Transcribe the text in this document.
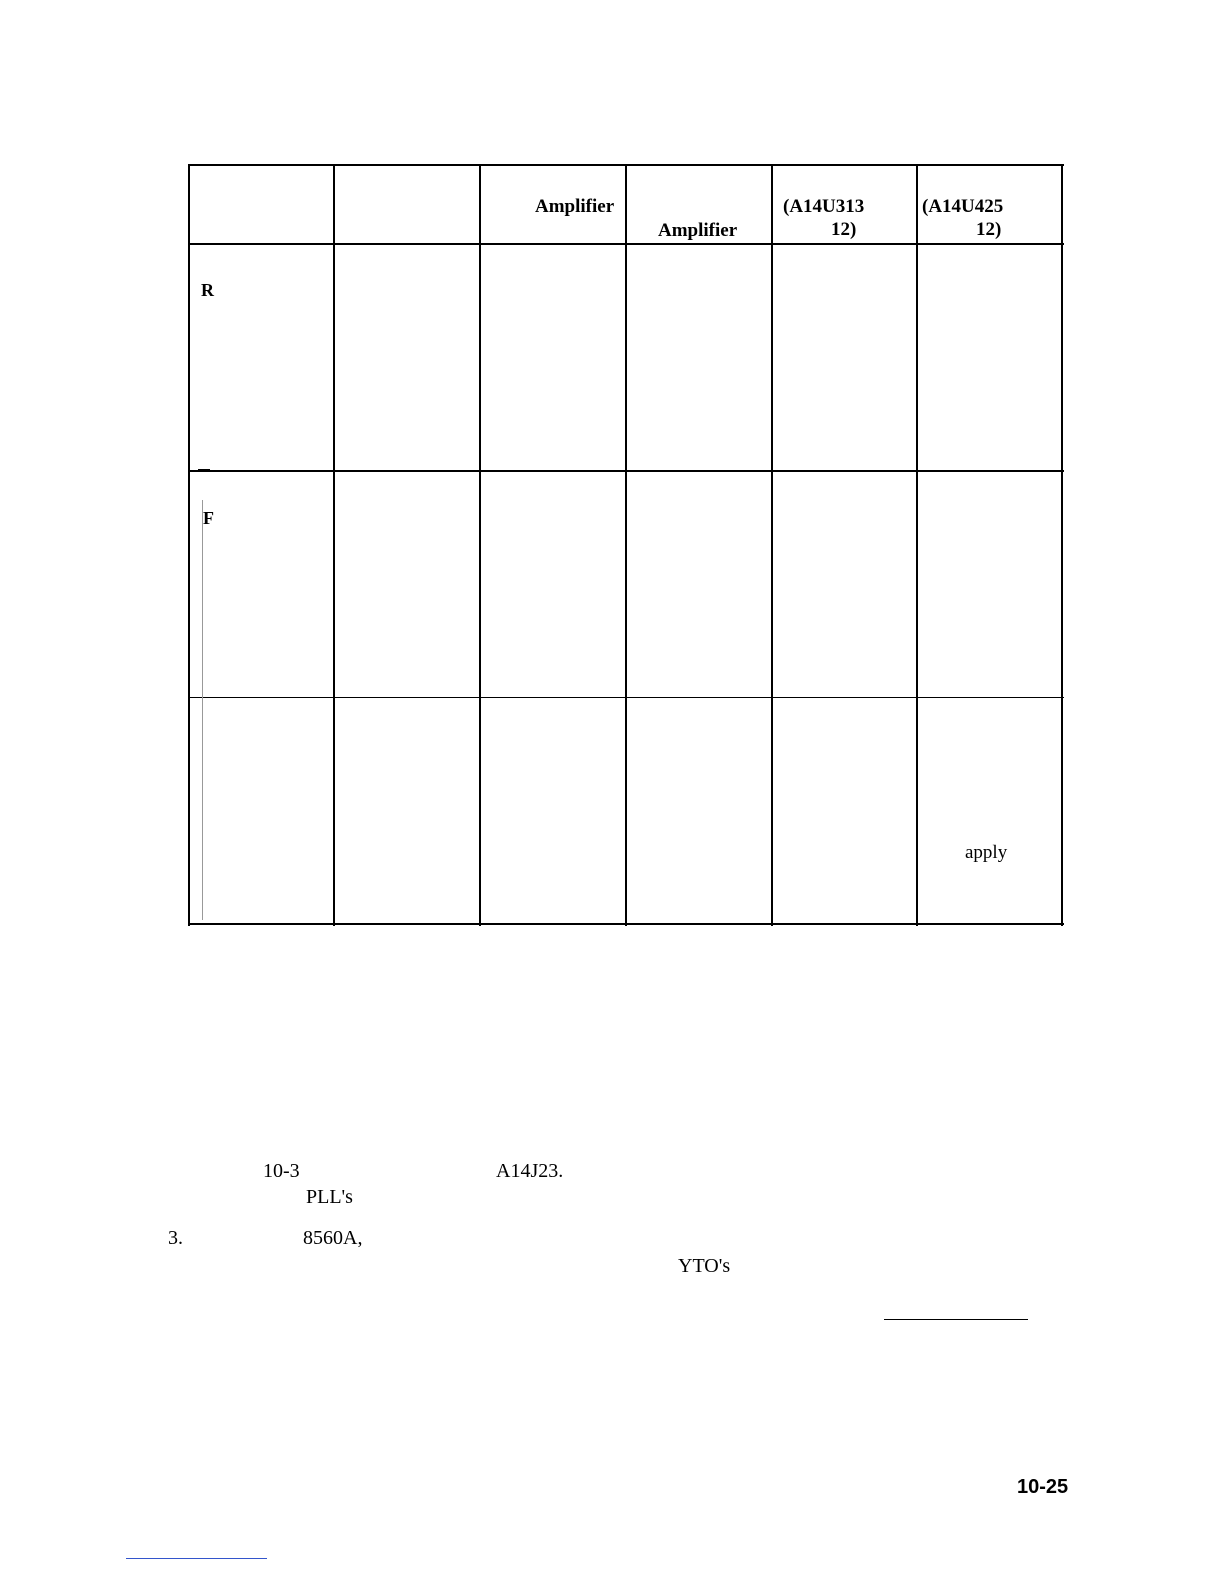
Amplifier
Amplifier
(A14U313
12)
(A14U425
12)
R
F
apply
10-3	A14J23.
PLL's
3.	8560A,
YTO's
10-25
